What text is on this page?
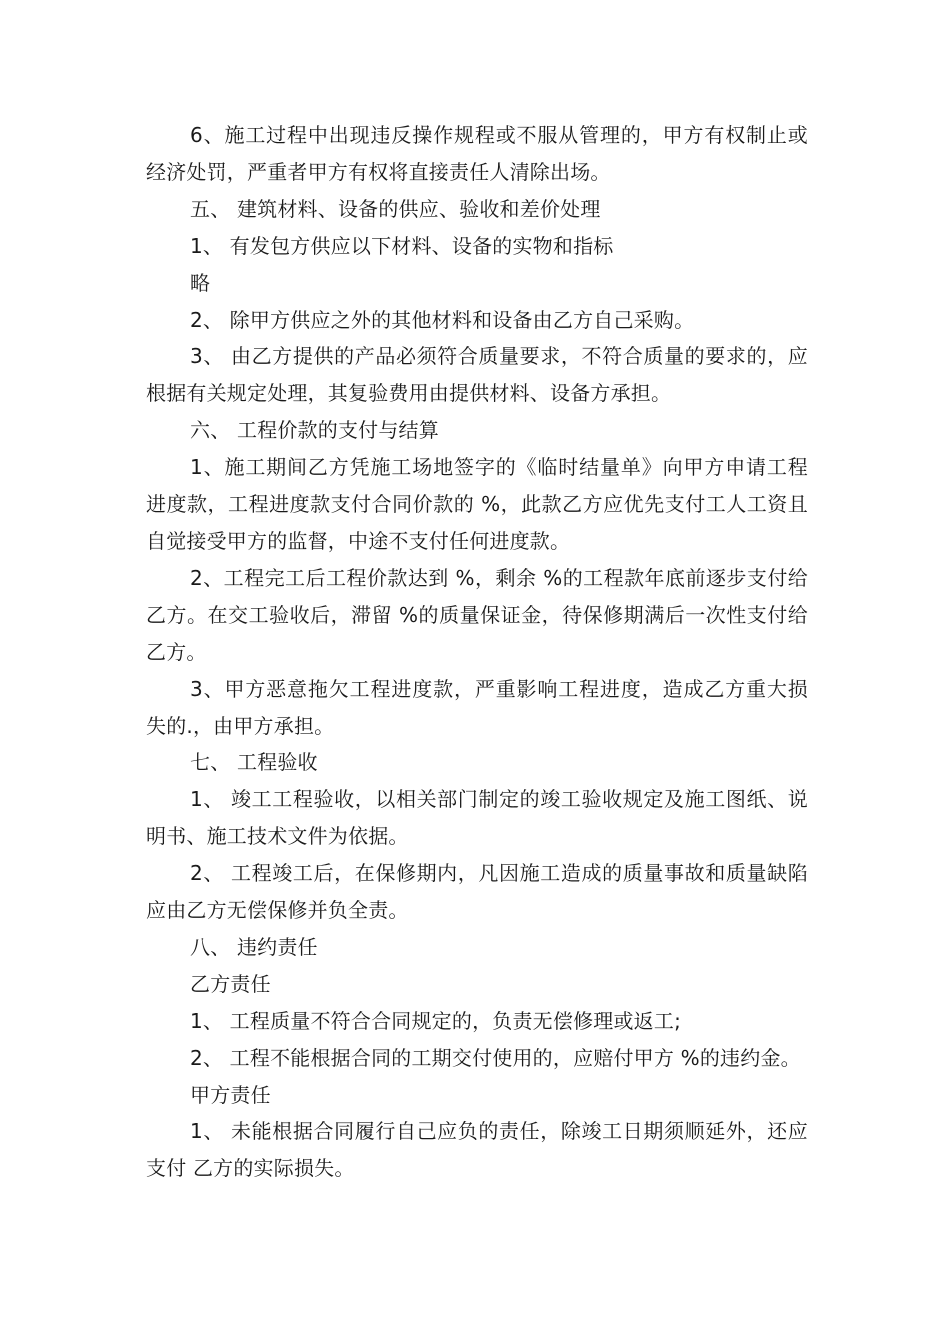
6、施工过程中出现违反操作规程或不服从管理的，甲方有权制止或经济处罚，严重者甲方有权将直接责任人清除出场。

五、 建筑材料、设备的供应、验收和差价处理

1、 有发包方供应以下材料、设备的实物和指标

略

2、 除甲方供应之外的其他材料和设备由乙方自己采购。

3、 由乙方提供的产品必须符合质量要求，不符合质量的要求的，应根据有关规定处理，其复验费用由提供材料、设备方承担。

六、 工程价款的支付与结算

1、施工期间乙方凭施工场地签字的《临时结量单》向甲方申请工程进度款，工程进度款支付合同价款的 %，此款乙方应优先支付工人工资且自觉接受甲方的监督，中途不支付任何进度款。

2、工程完工后工程价款达到 %，剩余 %的工程款年底前逐步支付给乙方。在交工验收后，滞留 %的质量保证金，待保修期满后一次性支付给乙方。

3、甲方恶意拖欠工程进度款，严重影响工程进度，造成乙方重大损失的.，由甲方承担。

七、 工程验收

1、 竣工工程验收，以相关部门制定的竣工验收规定及施工图纸、说明书、施工技术文件为依据。

2、 工程竣工后，在保修期内，凡因施工造成的质量事故和质量缺陷应由乙方无偿保修并负全责。

八、 违约责任

乙方责任

1、 工程质量不符合合同规定的，负责无偿修理或返工;

2、 工程不能根据合同的工期交付使用的，应赔付甲方 %的违约金。

甲方责任

1、 未能根据合同履行自己应负的责任，除竣工日期须顺延外，还应支付 乙方的实际损失。
